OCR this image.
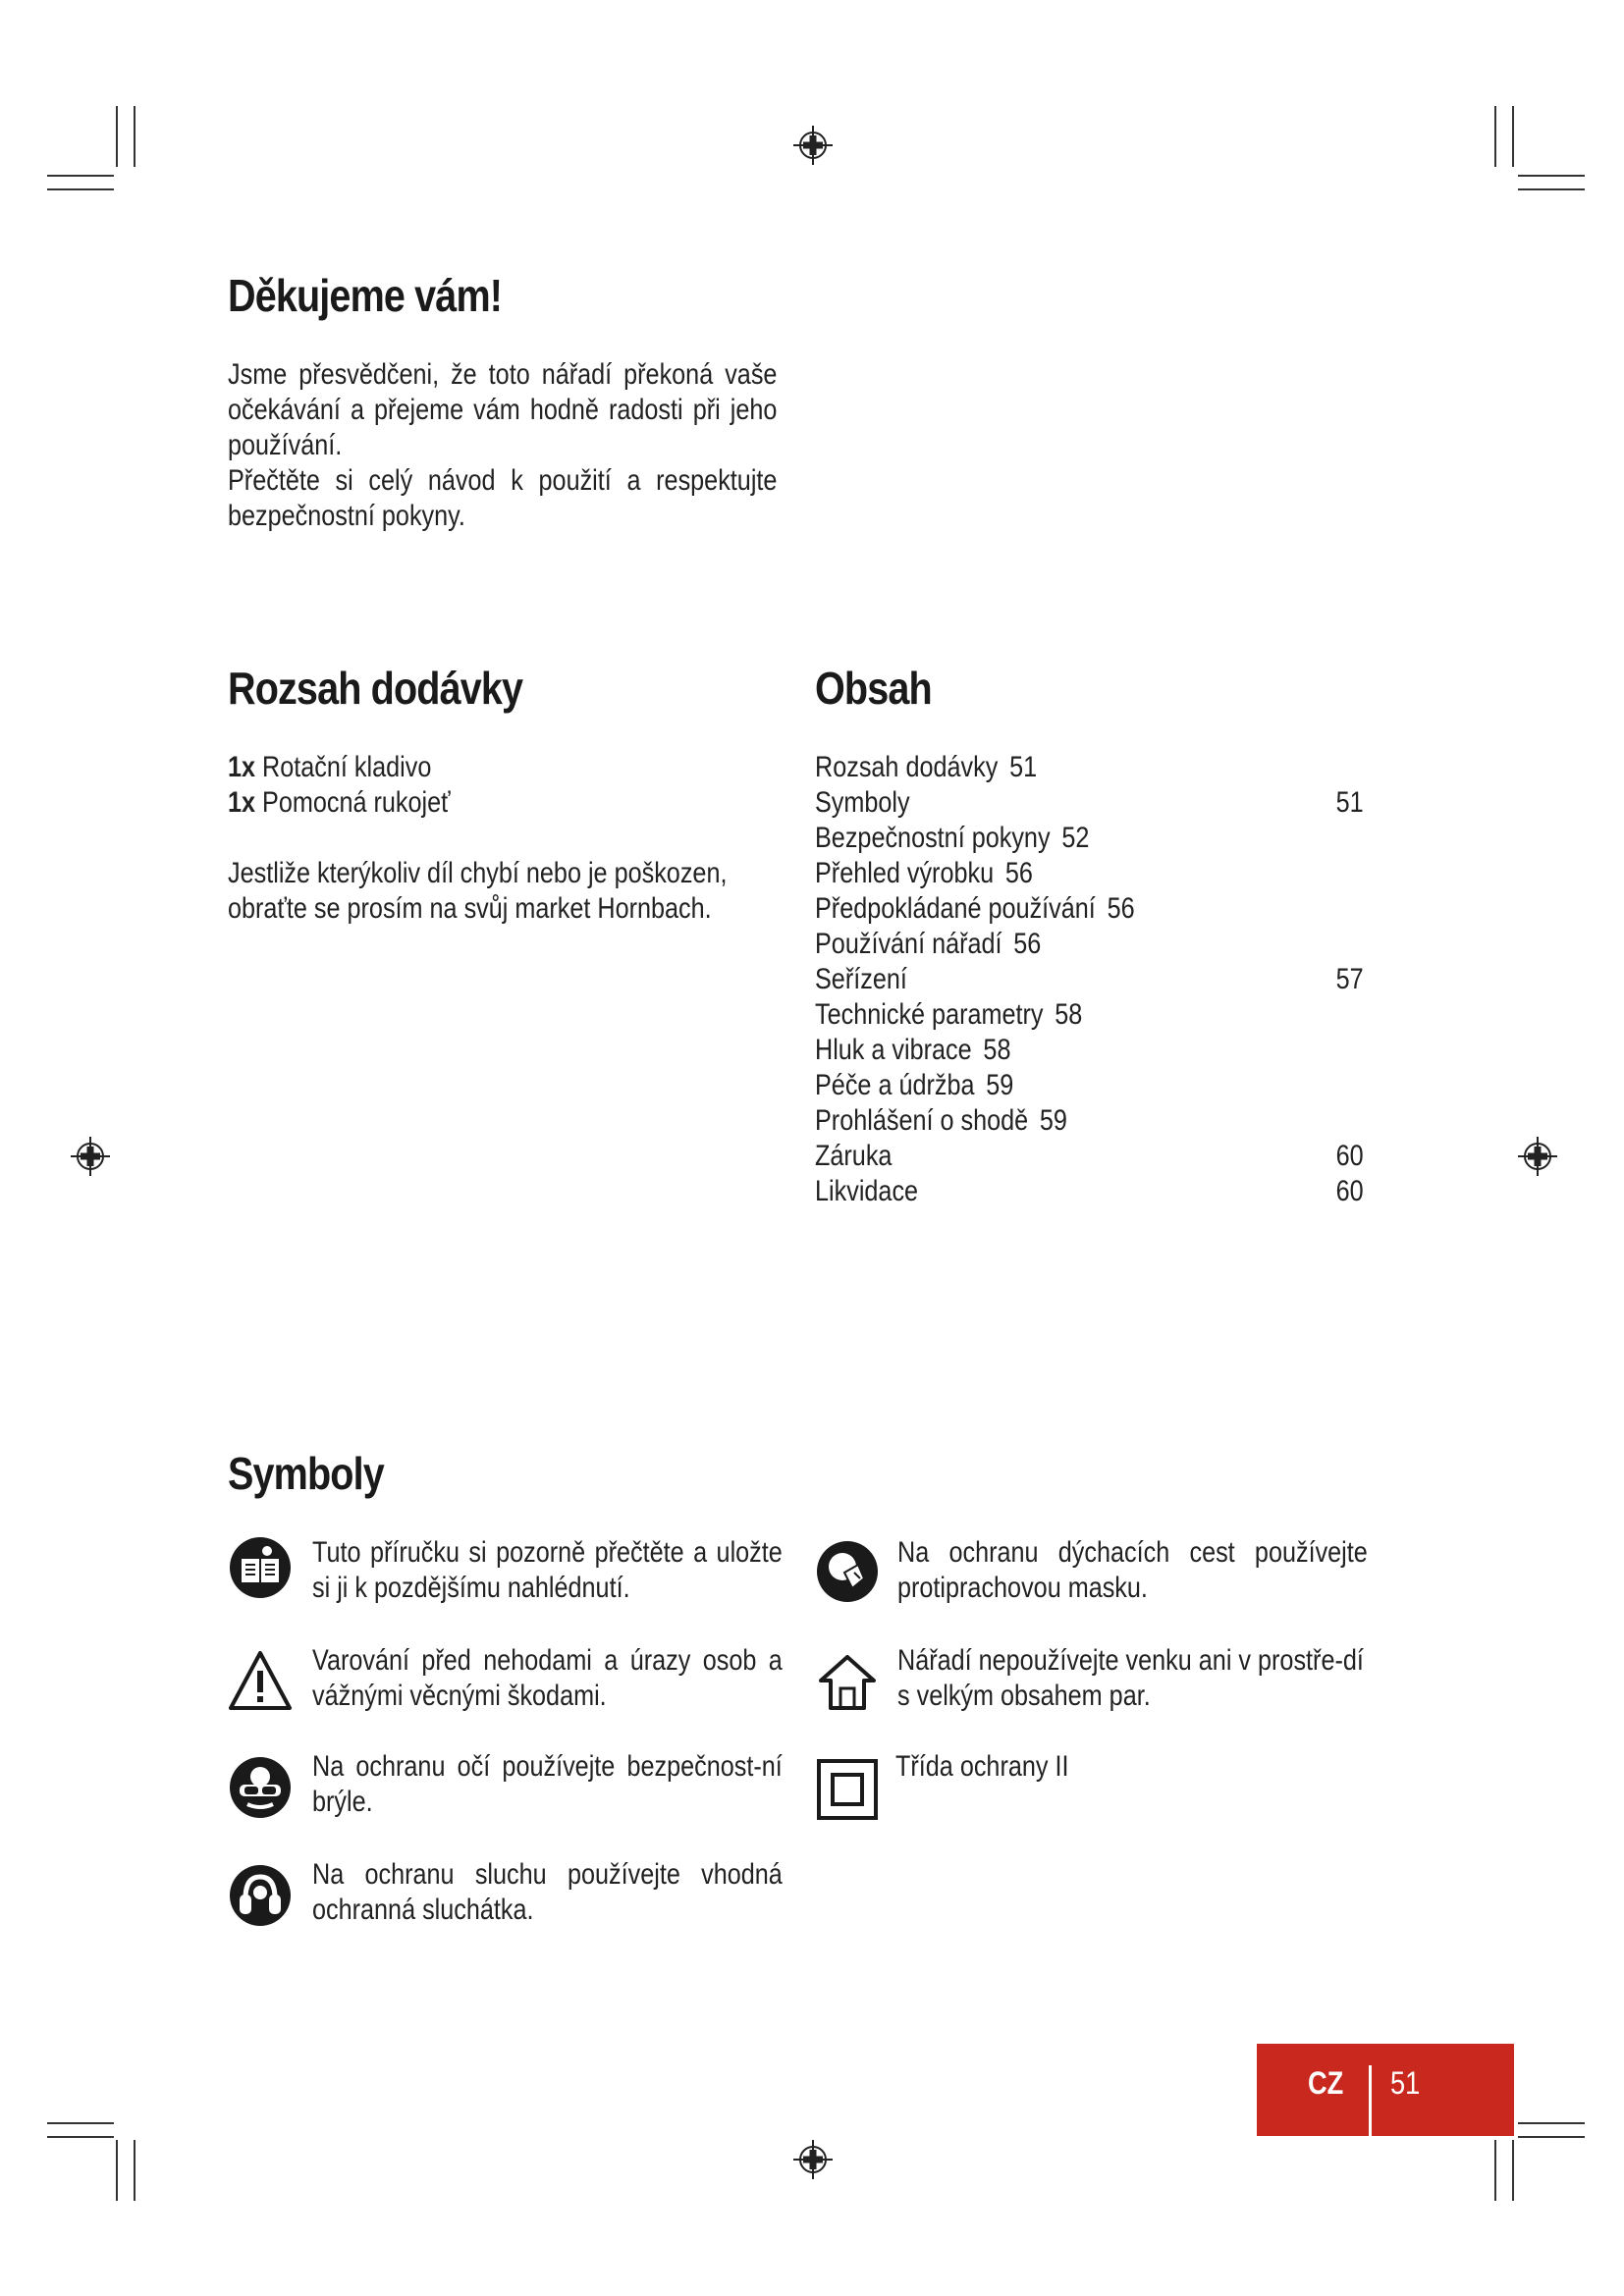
Děkujeme vám!
Jsme přesvědčeni, že toto nářadí překoná vaše očekávání a přejeme vám hodně radosti při jeho používání.
Přečtěte si celý návod k použití a respektujte bezpečnostní pokyny.
Rozsah dodávky
1x Rotační kladivo
1x Pomocná rukojeť
Jestliže kterýkoliv díl chybí nebo je poškozen, obraťte se prosím na svůj market Hornbach.
Obsah
Rozsah dodávky 51
Symboly	51
Bezpečnostní pokyny 52
Přehled výrobku 56
Předpokládané používání 56
Používání nářadí 56
Seřízení	57
Technické parametry 58
Hluk a vibrace 58
Péče a údržba 59
Prohlášení o shodě 59
Záruka	60
Likvidace	60
Symboly
Tuto příručku si pozorně přečtěte a uložte si ji k pozdějšímu nahlédnutí.
Varování před nehodami a úrazy osob a vážnými věcnými škodami.
Na ochranu očí používejte bezpečnost-ní brýle.
Na ochranu sluchu používejte vhodná ochranná sluchátka.
Na ochranu dýchacích cest používejte protiprachovou masku.
Nářadí nepoužívejte venku ani v prostře-dí s velkým obsahem par.
Třída ochrany II
CZ 51
